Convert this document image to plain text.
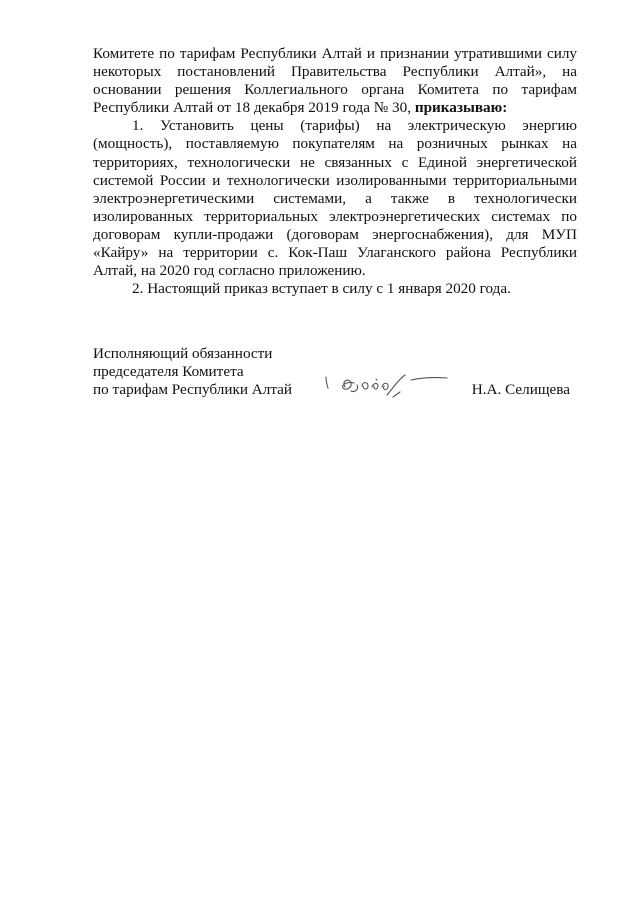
Комитете по тарифам Республики Алтай и признании утратившими силу некоторых постановлений Правительства Республики Алтай», на основании решения Коллегиального органа Комитета по тарифам Республики Алтай от 18 декабря 2019 года № 30, приказываю:

1. Установить цены (тарифы) на электрическую энергию (мощность), поставляемую покупателям на розничных рынках на территориях, технологически не связанных с Единой энергетической системой России и технологически изолированными территориальными электроэнергетическими системами, а также в технологически изолированных территориальных электроэнергетических системах по договорам купли-продажи (договорам энергоснабжения), для МУП «Кайру» на территории с. Кок-Паш Улаганского района Республики Алтай, на 2020 год согласно приложению.

2. Настоящий приказ вступает в силу с 1 января 2020 года.

Исполняющий обязанности
председателя Комитета
по тарифам Республики Алтай	Н.А. Селищева
